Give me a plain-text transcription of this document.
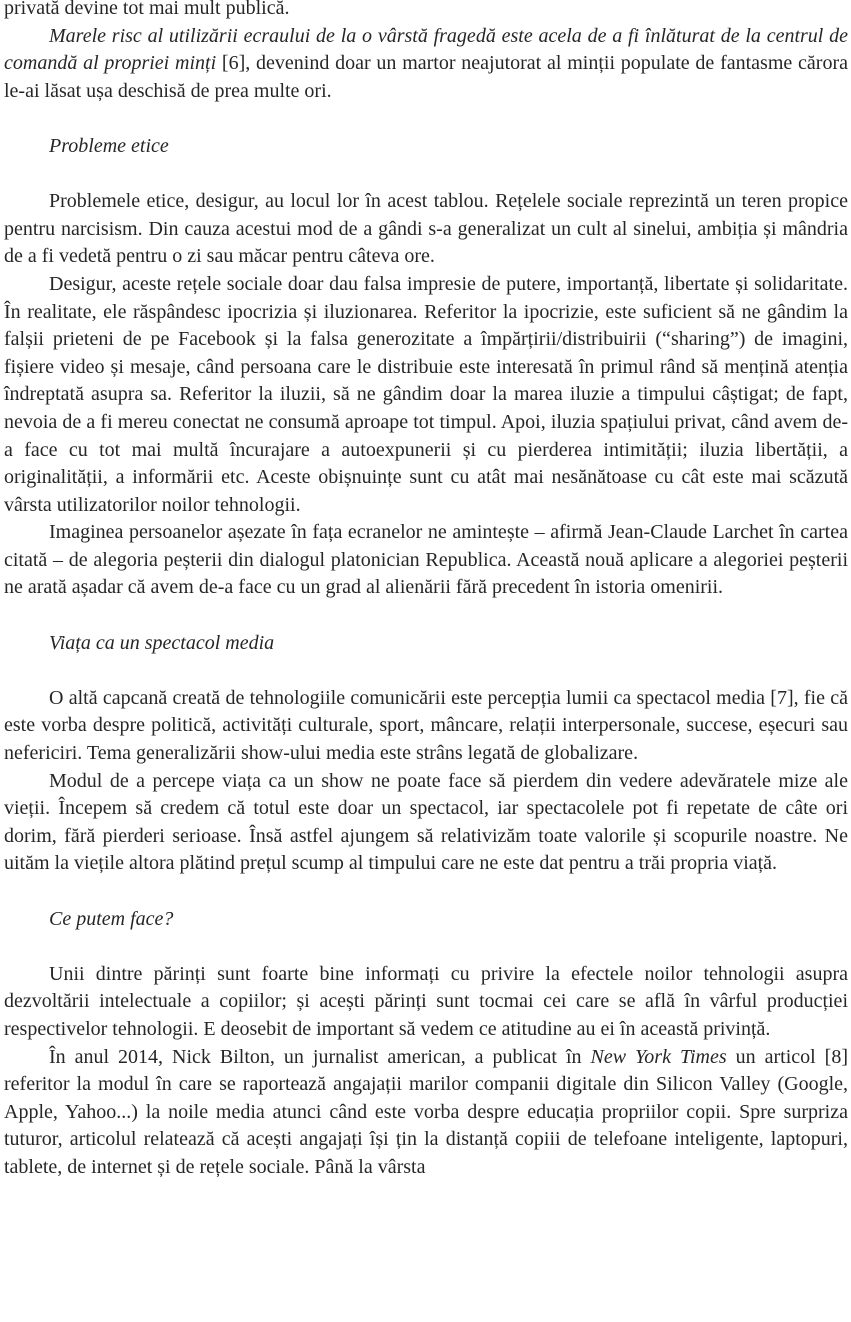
privată devine tot mai mult publică.

Marele risc al utilizării ecraului de la o vârstă fragedă este acela de a fi înlăturat de la centrul de comandă al propriei minți [6], devenind doar un martor neajutorat al minții populate de fantasme cărora le-ai lăsat ușa deschisă de prea multe ori.

Probleme etice

Problemele etice, desigur, au locul lor în acest tablou. Rețelele sociale reprezintă un teren propice pentru narcisism. Din cauza acestui mod de a gândi s-a generalizat un cult al sinelui, ambiția și mândria de a fi vedetă pentru o zi sau măcar pentru câteva ore.

Desigur, aceste rețele sociale doar dau falsa impresie de putere, importanță, libertate și solidaritate. În realitate, ele răspândesc ipocrizia și iluzionarea. Referitor la ipocrizie, este suficient să ne gândim la falșii prieteni de pe Facebook și la falsa generozitate a împărțirii/distribuirii (“sharing”) de imagini, fișiere video și mesaje, când persoana care le distribuie este interesată în primul rând să mențină atenția îndreptată asupra sa. Referitor la iluzii, să ne gândim doar la marea iluzie a timpului câștigat; de fapt, nevoia de a fi mereu conectat ne consumă aproape tot timpul. Apoi, iluzia spațiului privat, când avem de-a face cu tot mai multă încurajare a autoexpunerii și cu pierderea intimității; iluzia libertății, a originalității, a informării etc. Aceste obișnuințe sunt cu atât mai nesănătoase cu cât este mai scăzută vârsta utilizatorilor noilor tehnologii.

Imaginea persoanelor așezate în fața ecranelor ne amintește – afirmă Jean-Claude Larchet în cartea citată – de alegoria peșterii din dialogul platonician Republica. Această nouă aplicare a alegoriei peșterii ne arată așadar că avem de-a face cu un grad al alienării fără precedent în istoria omenirii.

Viața ca un spectacol media

O altă capcană creată de tehnologiile comunicării este percepția lumii ca spectacol media [7], fie că este vorba despre politică, activități culturale, sport, mâncare, relații interpersonale, succese, eșecuri sau nefericiri. Tema generalizării show-ului media este strâns legată de globalizare.

Modul de a percepe viața ca un show ne poate face să pierdem din vedere adevăratele mize ale vieții. Începem să credem că totul este doar un spectacol, iar spectacolele pot fi repetate de câte ori dorim, fără pierderi serioase. Însă astfel ajungem să relativizăm toate valorile și scopurile noastre. Ne uităm la viețile altora plătind prețul scump al timpului care ne este dat pentru a trăi propria viață.

Ce putem face?

Unii dintre părinți sunt foarte bine informați cu privire la efectele noilor tehnologii asupra dezvoltării intelectuale a copiilor; și acești părinți sunt tocmai cei care se află în vârful producției respectivelor tehnologii. E deosebit de important să vedem ce atitudine au ei în această privință.

În anul 2014, Nick Bilton, un jurnalist american, a publicat în New York Times un articol [8] referitor la modul în care se raportează angajații marilor companii digitale din Silicon Valley (Google, Apple, Yahoo...) la noile media atunci când este vorba despre educația propriilor copii. Spre surpriza tuturor, articolul relatează că acești angajați își țin la distanță copiii de telefoane inteligente, laptopuri, tablete, de internet și de rețele sociale. Până la vârsta
